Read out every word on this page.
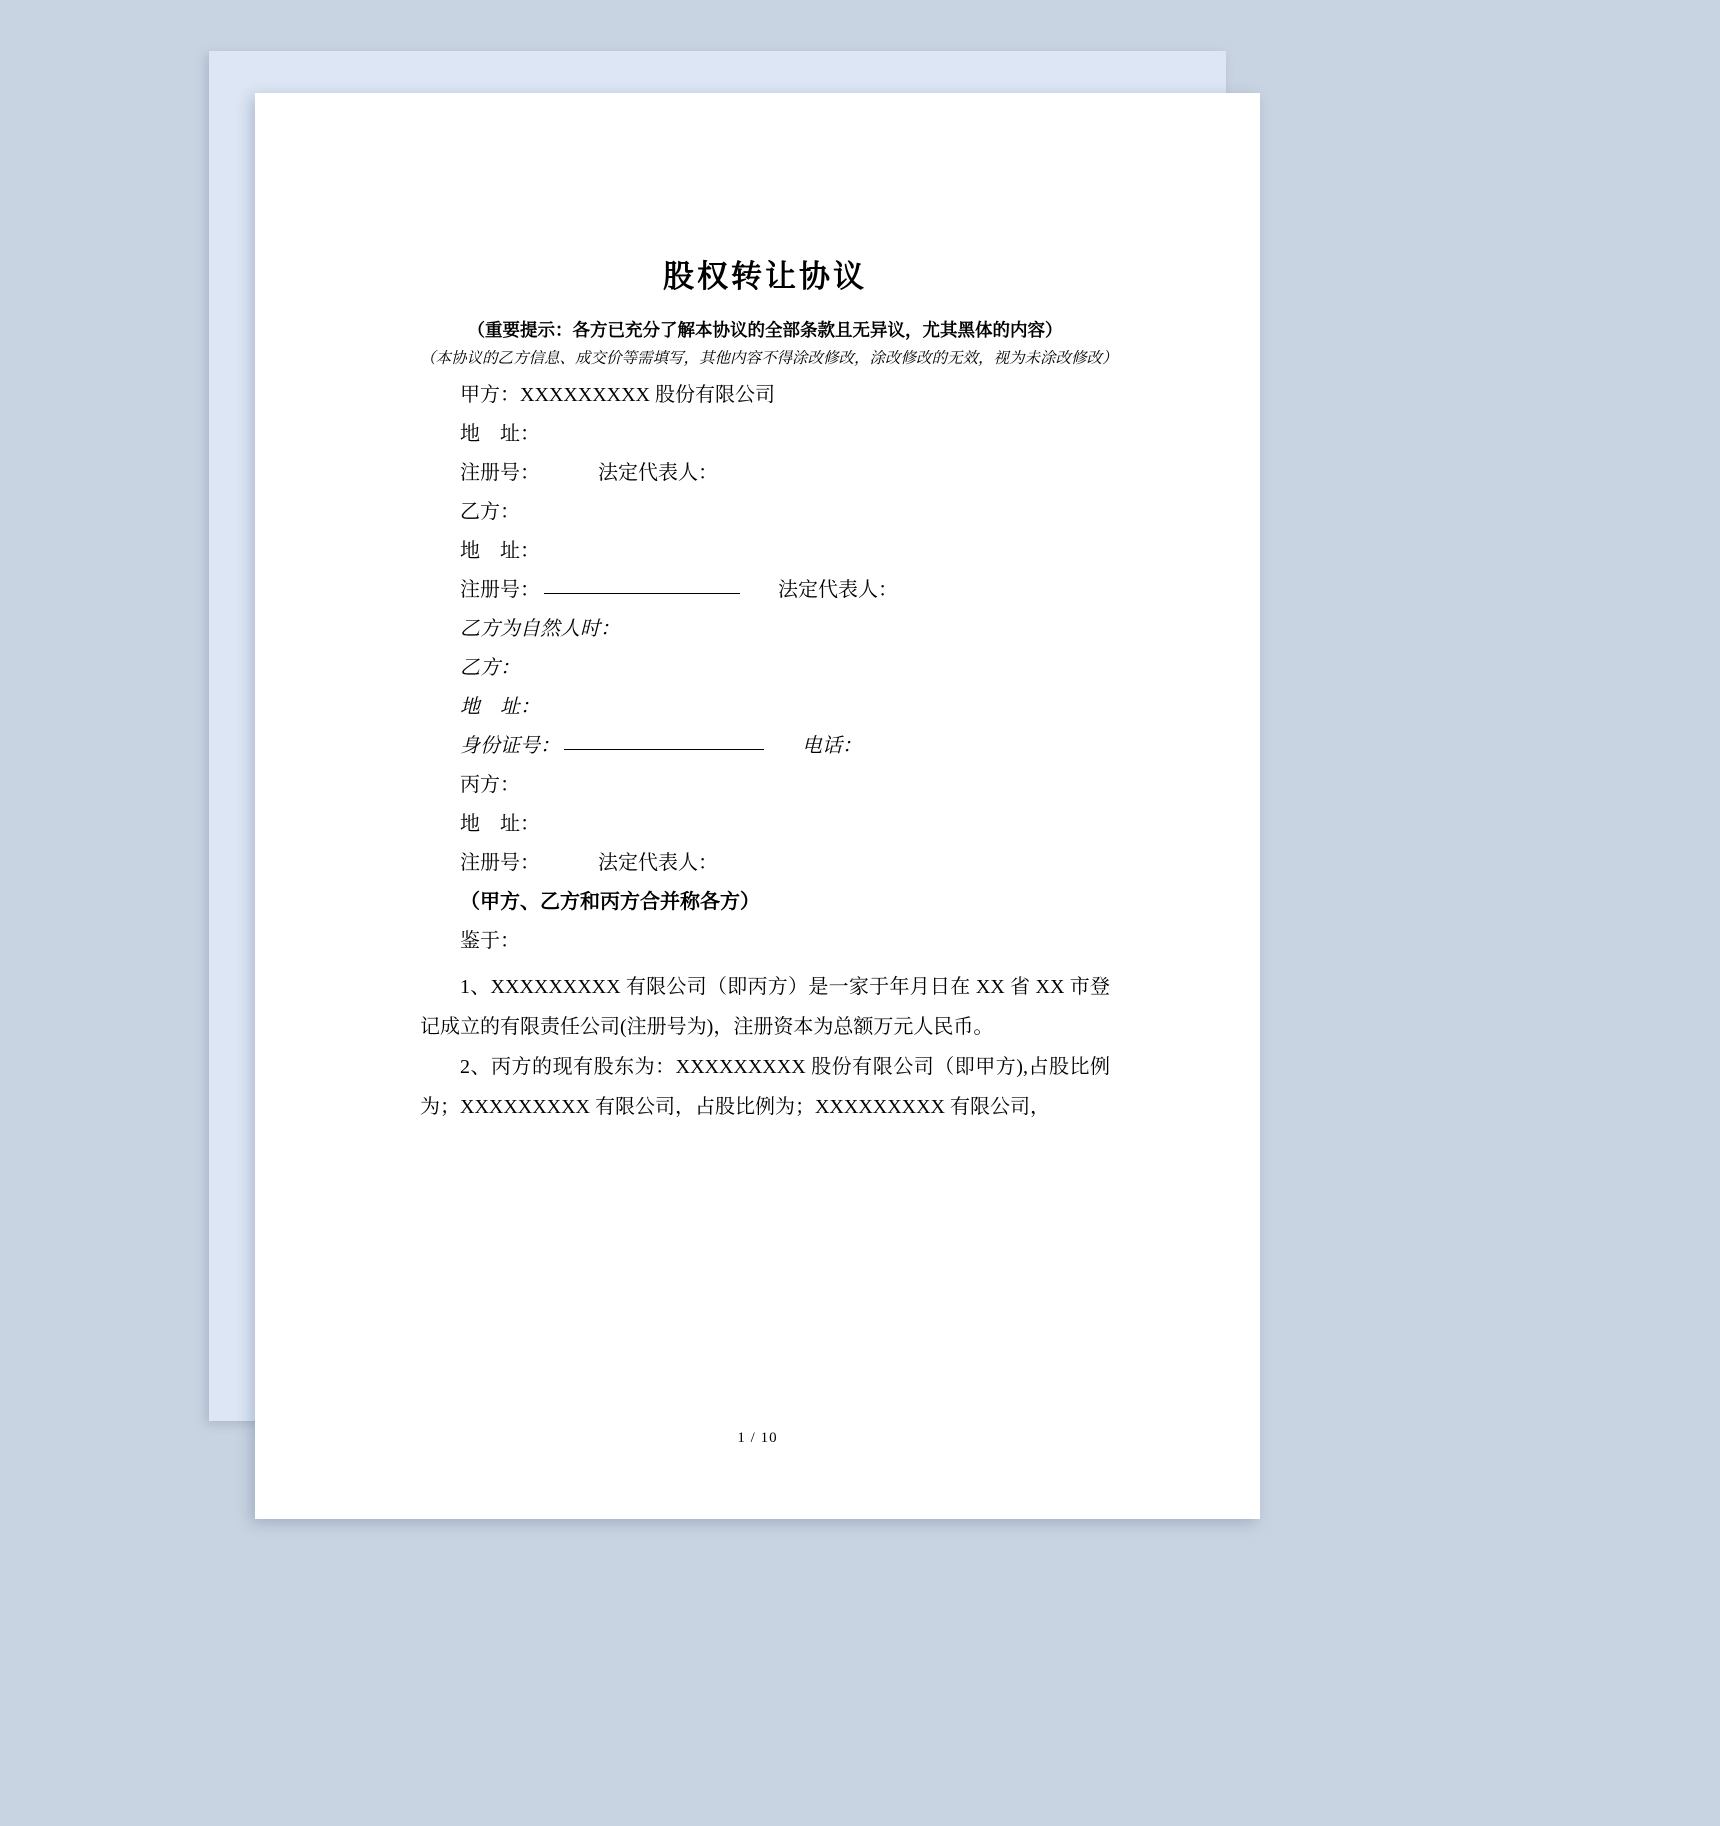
股权转让协议

（重要提示：各方已充分了解本协议的全部条款且无异议，尤其黑体的内容）

（本协议的乙方信息、成交价等需填写，其他内容不得涂改修改，涂改修改的无效，视为未涂改修改）

甲方：XXXXXXXXX 股份有限公司

地　址：

注册号：	法定代表人：

乙方：

地　址：

注册号：	法定代表人：

乙方为自然人时：

乙方：

地　址：

身份证号：	电话：

丙方：

地　址：

注册号：	法定代表人：

（甲方、乙方和丙方合并称各方）

鉴于：

1、XXXXXXXXX 有限公司（即丙方）是一家于年月日在 XX 省 XX 市登记成立的有限责任公司(注册号为)，注册资本为总额万元人民币。

2、丙方的现有股东为：XXXXXXXXX 股份有限公司（即甲方),占股比例为；XXXXXXXXX 有限公司，占股比例为；XXXXXXXXX 有限公司，

1 / 10
